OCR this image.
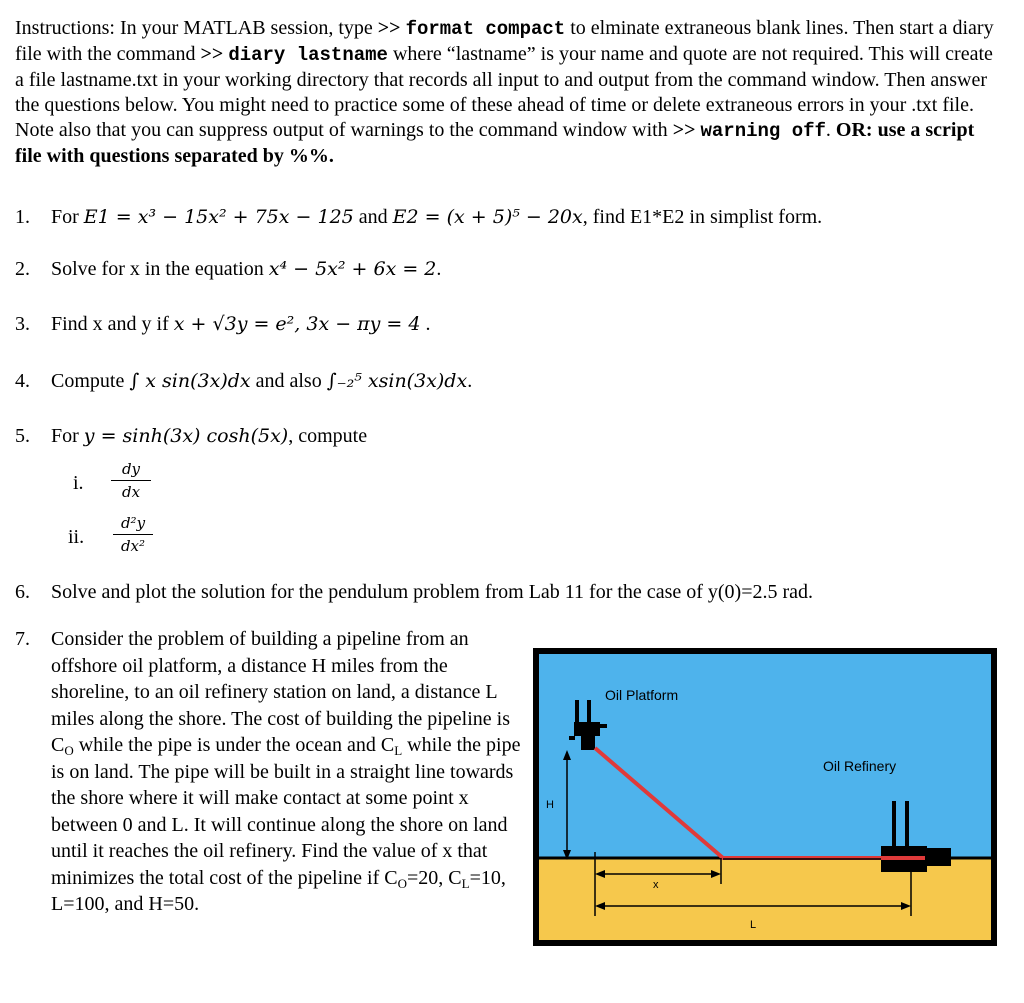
Instructions: In your MATLAB session, type >> format compact to elminate extraneous blank lines. Then start a diary file with the command >> diary lastname where “lastname” is your name and quote are not required. This will create a file lastname.txt in your working directory that records all input to and output from the command window. Then answer the questions below. You might need to practice some of these ahead of time or delete extraneous errors in your .txt file. Note also that you can suppress output of warnings to the command window with >> warning off. OR: use a script file with questions separated by %%.
1. For E1 = x³ − 15x² + 75x − 125 and E2 = (x + 5)⁵ − 20x, find E1*E2 in simplist form.
2. Solve for x in the equation x⁴ − 5x² + 6x = 2.
3. Find x and y if x + √3y = e², 3x − πy = 4 .
4. Compute ∫ x sin(3x)dx and also ∫₋₂⁵ xsin(3x)dx.
5. For y = sinh(3x) cosh(5x), compute
i. $\frac{dy}{dx}$
ii. $\frac{\text{d²y}}{\text{dx²}}$
6. Solve and plot the solution for the pendulum problem from Lab 11 for the case of y(0)=2.5 rad.
7. Consider the problem of building a pipeline from an offshore oil platform, a distance H miles from the shoreline, to an oil refinery station on land, a distance L miles along the shore. The cost of building the pipeline is $C_O$ while the pipe is under the ocean and $C_L$ while the pipe is on land. The pipe will be built in a straight line towards the shore where it will make contact at some point x between 0 and L. It will continue along the shore on land until it reaches the oil refinery. Find the value of x that minimizes the total cost of the pipeline if $C_O=20$, $C_L=10$, L=100, and H=50.
Oil Platform
Oil Refinery
H
x
L
